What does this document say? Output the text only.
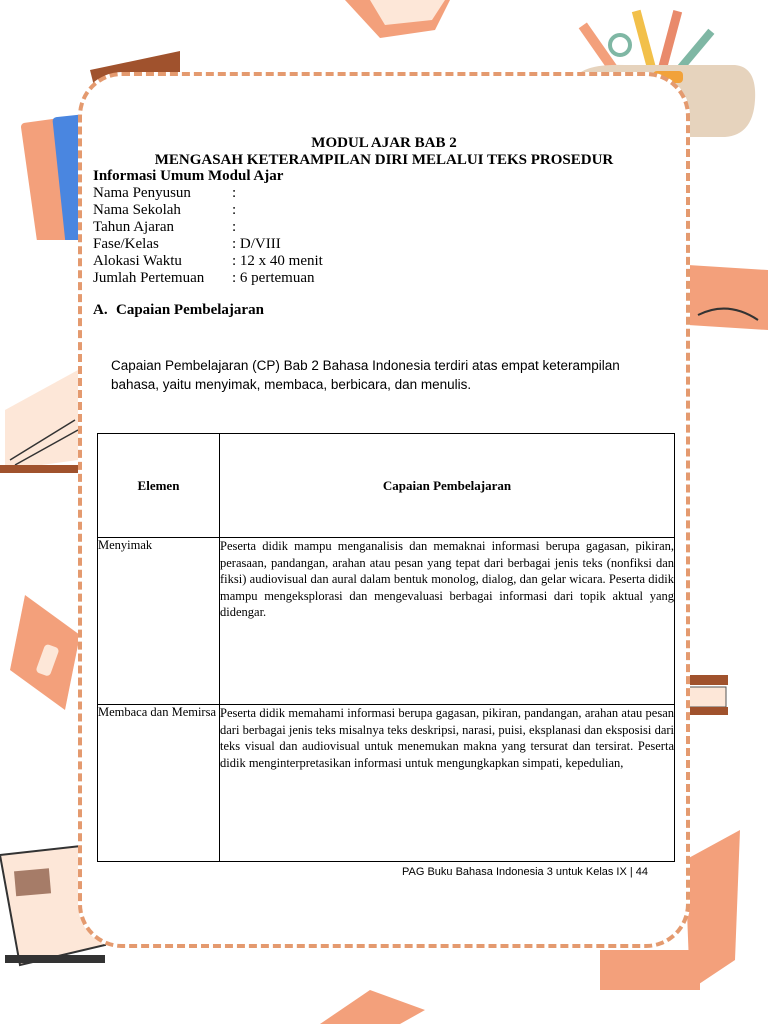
MODUL AJAR BAB 2
MENGASAH KETERAMPILAN DIRI MELALUI TEKS PROSEDUR
Informasi Umum Modul Ajar
Nama Penyusun	:
Nama Sekolah	:
Tahun Ajaran	:
Fase/Kelas	: D/VIII
Alokasi Waktu	: 12 x 40 menit
Jumlah Pertemuan	: 6 pertemuan
A. Capaian Pembelajaran
Capaian Pembelajaran (CP) Bab 2 Bahasa Indonesia terdiri atas empat keterampilan bahasa, yaitu menyimak, membaca, berbicara, dan menulis.
Elemen	Capaian Pembelajaran
Menyimak	Peserta didik mampu menganalisis dan memaknai informasi berupa gagasan, pikiran, perasaan, pandangan, arahan atau pesan yang tepat dari berbagai jenis teks (nonfiksi dan fiksi) audiovisual dan aural dalam bentuk monolog, dialog, dan gelar wicara. Peserta didik mampu mengeksplorasi dan mengevaluasi berbagai informasi dari topik aktual yang didengar.
Membaca dan Memirsa	Peserta didik memahami informasi berupa gagasan, pikiran, pandangan, arahan atau pesan dari berbagai jenis teks misalnya teks deskripsi, narasi, puisi, eksplanasi dan eksposisi dari teks visual dan audiovisual untuk menemukan makna yang tersurat dan tersirat. Peserta didik menginterpretasikan informasi untuk mengungkapkan simpati, kepedulian,
PAG Buku Bahasa Indonesia 3 untuk Kelas IX | 44
